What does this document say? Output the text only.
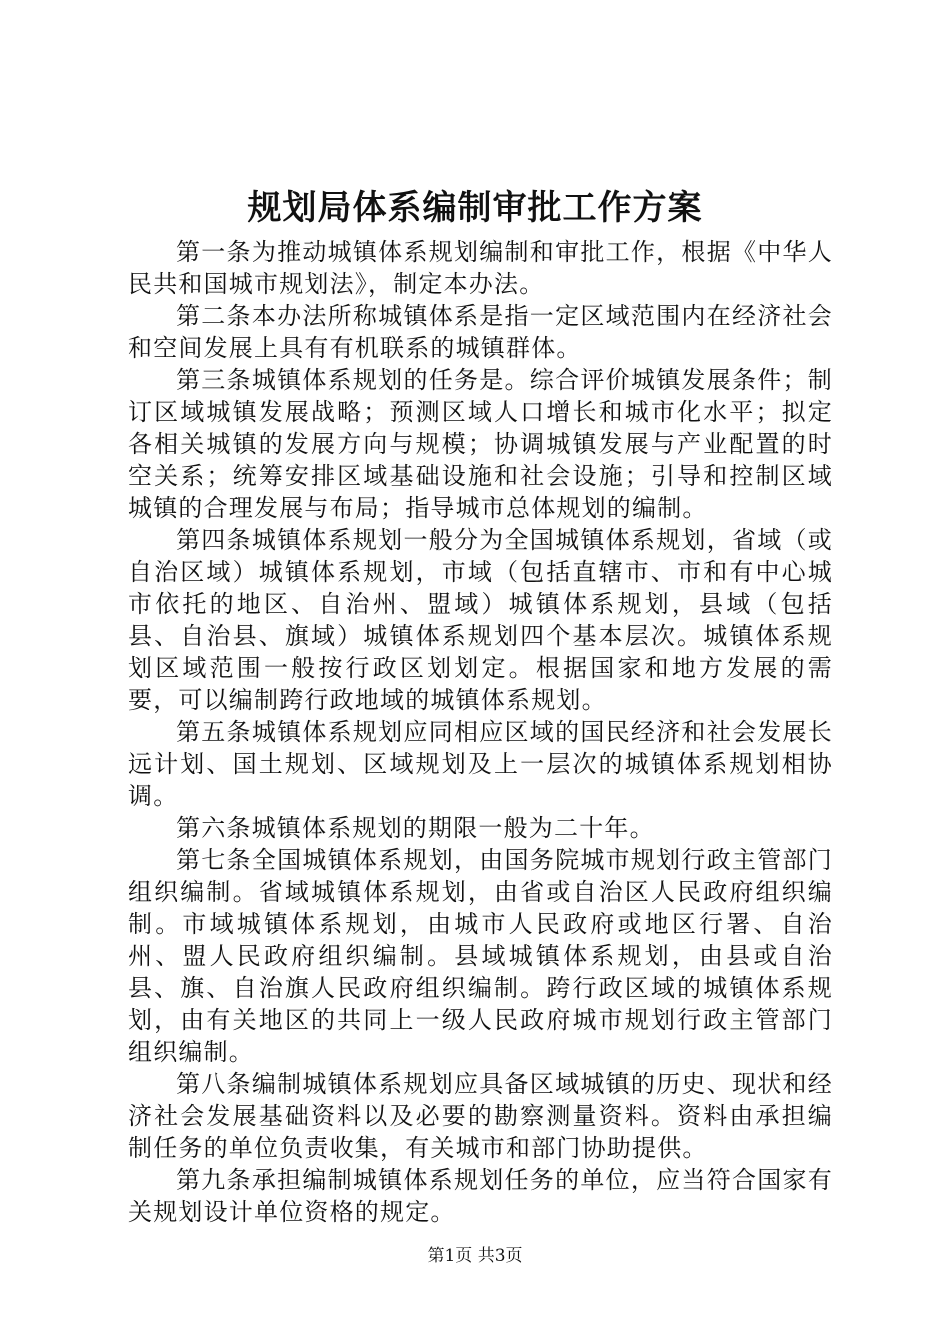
规划局体系编制审批工作方案

第一条为推动城镇体系规划编制和审批工作，根据《中华人民共和国城市规划法》，制定本办法。

第二条本办法所称城镇体系是指一定区域范围内在经济社会和空间发展上具有有机联系的城镇群体。

第三条城镇体系规划的任务是。综合评价城镇发展条件；制订区域城镇发展战略；预测区域人口增长和城市化水平；拟定各相关城镇的发展方向与规模；协调城镇发展与产业配置的时空关系；统筹安排区域基础设施和社会设施；引导和控制区域城镇的合理发展与布局；指导城市总体规划的编制。

第四条城镇体系规划一般分为全国城镇体系规划，省域（或自治区域）城镇体系规划，市域（包括直辖市、市和有中心城市依托的地区、自治州、盟域）城镇体系规划，县域（包括县、自治县、旗域）城镇体系规划四个基本层次。城镇体系规划区域范围一般按行政区划划定。根据国家和地方发展的需要，可以编制跨行政地域的城镇体系规划。

第五条城镇体系规划应同相应区域的国民经济和社会发展长远计划、国土规划、区域规划及上一层次的城镇体系规划相协调。

第六条城镇体系规划的期限一般为二十年。

第七条全国城镇体系规划，由国务院城市规划行政主管部门组织编制。省域城镇体系规划，由省或自治区人民政府组织编制。市域城镇体系规划，由城市人民政府或地区行署、自治州、盟人民政府组织编制。县域城镇体系规划，由县或自治县、旗、自治旗人民政府组织编制。跨行政区域的城镇体系规划，由有关地区的共同上一级人民政府城市规划行政主管部门组织编制。

第八条编制城镇体系规划应具备区域城镇的历史、现状和经济社会发展基础资料以及必要的勘察测量资料。资料由承担编制任务的单位负责收集，有关城市和部门协助提供。

第九条承担编制城镇体系规划任务的单位，应当符合国家有关规划设计单位资格的规定。

第1页 共3页
